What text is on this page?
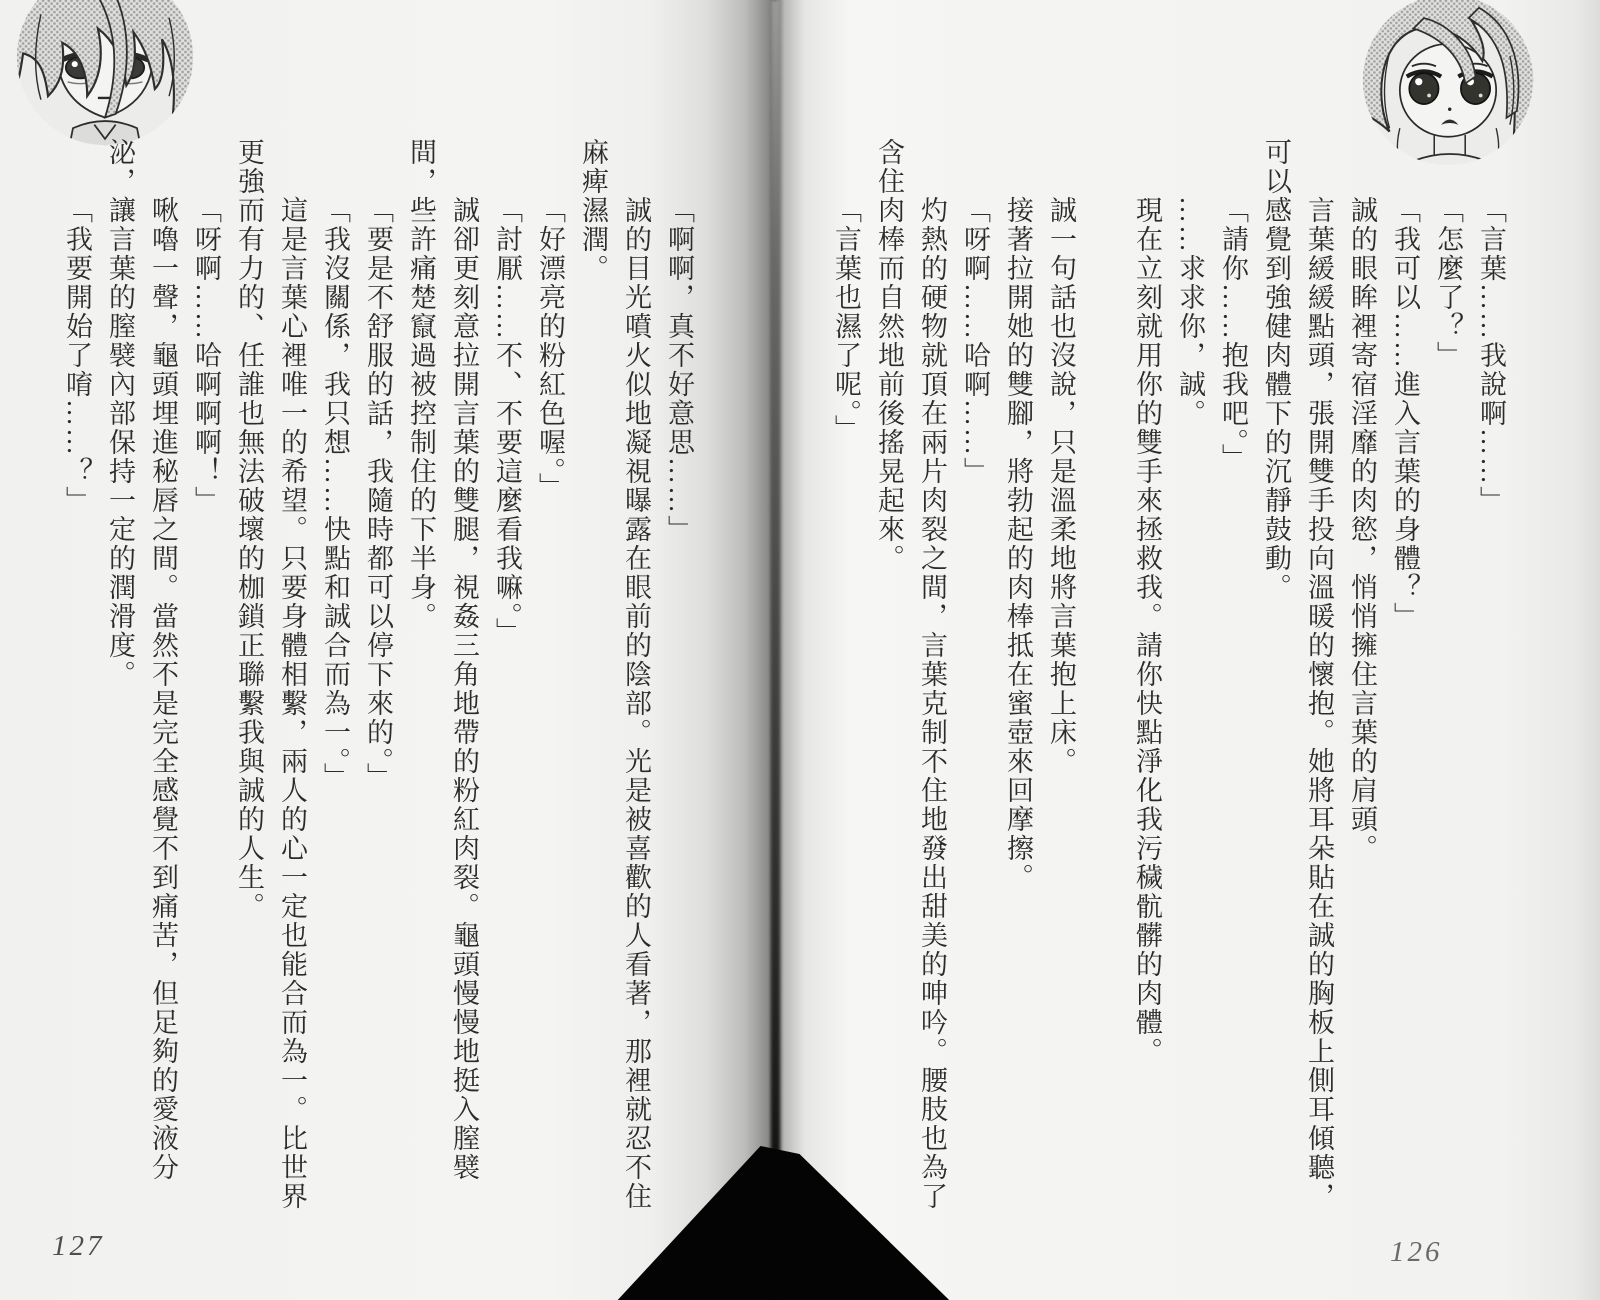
「啊啊，真不好意思……」
誠的目光噴火似地凝視曝露在眼前的陰部。光是被喜歡的人看著，那裡就忍不住
麻痺濕潤。
「好漂亮的粉紅色喔。」
「討厭……不、不要這麼看我嘛。」
誠卻更刻意拉開言葉的雙腿，視姦三角地帶的粉紅肉裂。龜頭慢慢地挺入膣襞
間，些許痛楚竄過被控制住的下半身。
「要是不舒服的話，我隨時都可以停下來的。」
「我沒關係，我只想……快點和誠合而為一。」
這是言葉心裡唯一的希望。只要身體相繫，兩人的心一定也能合而為一。比世界
更強而有力的、任誰也無法破壞的枷鎖正聯繫我與誠的人生。
「呀啊……哈啊啊啊！」
啾嚕一聲，龜頭埋進秘唇之間。當然不是完全感覺不到痛苦，但足夠的愛液分
泌，讓言葉的膣襞內部保持一定的潤滑度。
「我要開始了唷……？」	「言葉……我說啊……」
「怎麼了？」
「我可以……進入言葉的身體？」
誠的眼眸裡寄宿淫靡的肉慾，悄悄擁住言葉的肩頭。
言葉緩緩點頭，張開雙手投向溫暖的懷抱。她將耳朵貼在誠的胸板上側耳傾聽，
可以感覺到強健肉體下的沉靜鼓動。
「請你……抱我吧。」
……求求你，誠。
現在立刻就用你的雙手來拯救我。請你快點淨化我污穢骯髒的肉體。
誠一句話也沒說，只是溫柔地將言葉抱上床。
接著拉開她的雙腳，將勃起的肉棒抵在蜜壺來回摩擦。
「呀啊……哈啊……」
灼熱的硬物就頂在兩片肉裂之間，言葉克制不住地發出甜美的呻吟。腰肢也為了
含住肉棒而自然地前後搖晃起來。
「言葉也濕了呢。」
127	126
